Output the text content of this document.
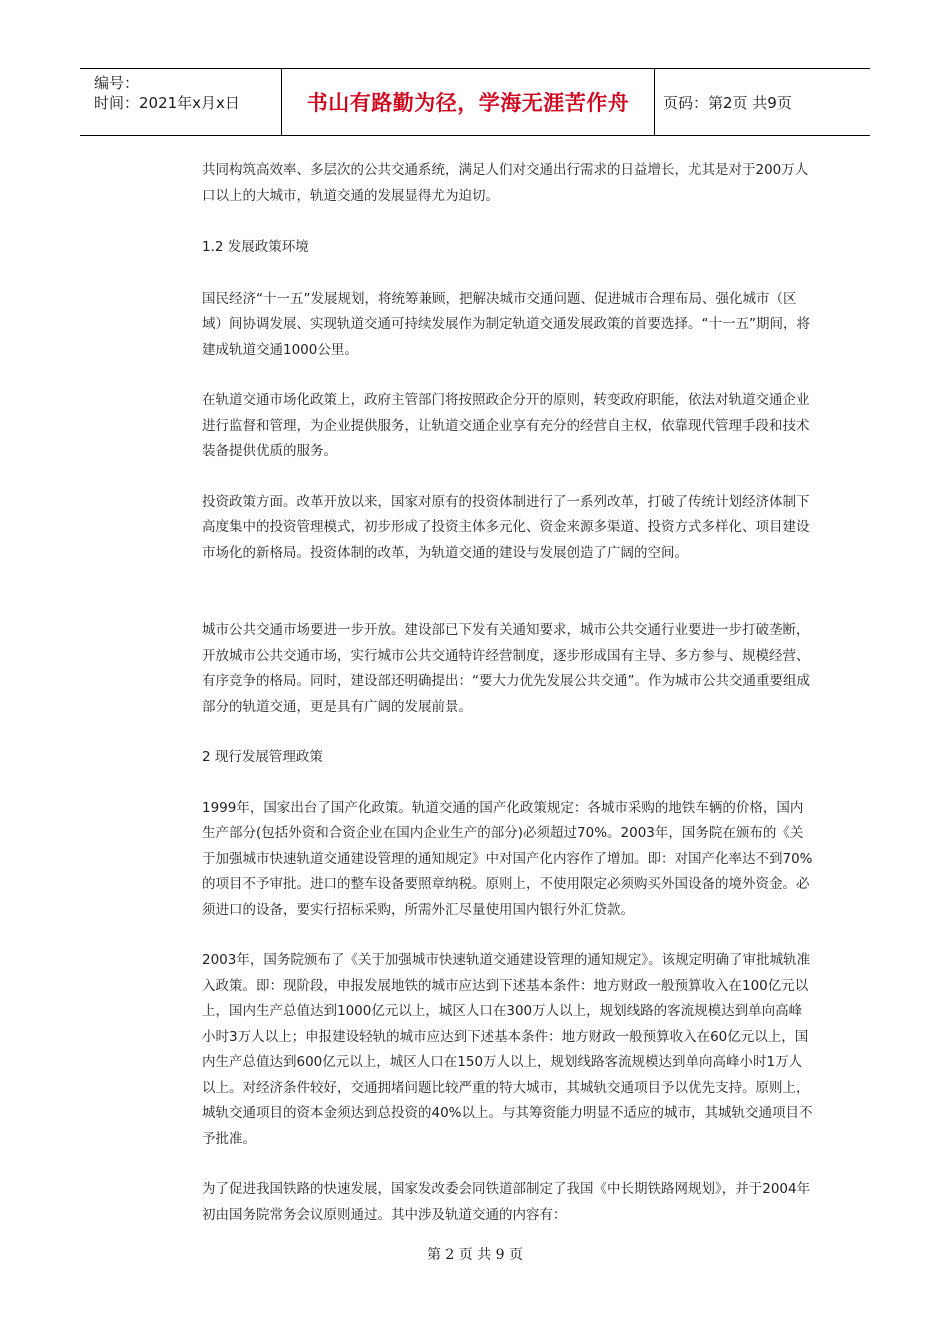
编号：
时间：2021年x月x日	书山有路勤为径，学海无涯苦作舟 页码：第2页 共9页

共同构筑高效率、多层次的公共交通系统，满足人们对交通出行需求的日益增长，尤其是对于200万人口以上的大城市，轨道交通的发展显得尤为迫切。

1.2 发展政策环境

国民经济“十一五”发展规划，将统筹兼顾，把解决城市交通问题、促进城市合理布局、强化城市（区域）间协调发展、实现轨道交通可持续发展作为制定轨道交通发展政策的首要选择。“十一五”期间，将建成轨道交通1000公里。

在轨道交通市场化政策上，政府主管部门将按照政企分开的原则，转变政府职能，依法对轨道交通企业进行监督和管理，为企业提供服务，让轨道交通企业享有充分的经营自主权，依靠现代管理手段和技术装备提供优质的服务。

投资政策方面。改革开放以来，国家对原有的投资体制进行了一系列改革，打破了传统计划经济体制下高度集中的投资管理模式，初步形成了投资主体多元化、资金来源多渠道、投资方式多样化、项目建设市场化的新格局。投资体制的改革，为轨道交通的建设与发展创造了广阔的空间。

城市公共交通市场要进一步开放。建设部已下发有关通知要求，城市公共交通行业要进一步打破垄断，开放城市公共交通市场，实行城市公共交通特许经营制度，逐步形成国有主导、多方参与、规模经营、有序竞争的格局。同时，建设部还明确提出：“要大力优先发展公共交通”。作为城市公共交通重要组成部分的轨道交通，更是具有广阔的发展前景。

2 现行发展管理政策

1999年，国家出台了国产化政策。轨道交通的国产化政策规定：各城市采购的地铁车辆的价格，国内生产部分(包括外资和合资企业在国内企业生产的部分)必须超过70%。2003年，国务院在颁布的《关于加强城市快速轨道交通建设管理的通知规定》中对国产化内容作了增加。即：对国产化率达不到70%的项目不予审批。进口的整车设备要照章纳税。原则上，不使用限定必须购买外国设备的境外资金。必须进口的设备，要实行招标采购，所需外汇尽量使用国内银行外汇贷款。

2003年，国务院颁布了《关于加强城市快速轨道交通建设管理的通知规定》。该规定明确了审批城轨准入政策。即：现阶段，申报发展地铁的城市应达到下述基本条件：地方财政一般预算收入在100亿元以上，国内生产总值达到1000亿元以上，城区人口在300万人以上，规划线路的客流规模达到单向高峰小时3万人以上；申报建设轻轨的城市应达到下述基本条件：地方财政一般预算收入在60亿元以上，国内生产总值达到600亿元以上，城区人口在150万人以上，规划线路客流规模达到单向高峰小时1万人以上。对经济条件较好，交通拥堵问题比较严重的特大城市，其城轨交通项目予以优先支持。原则上，城轨交通项目的资本金须达到总投资的40%以上。与其筹资能力明显不适应的城市，其城轨交通项目不予批准。

为了促进我国铁路的快速发展，国家发改委会同铁道部制定了我国《中长期铁路网规划》，并于2004年初由国务院常务会议原则通过。其中涉及轨道交通的内容有：

第 2 页 共 9 页
